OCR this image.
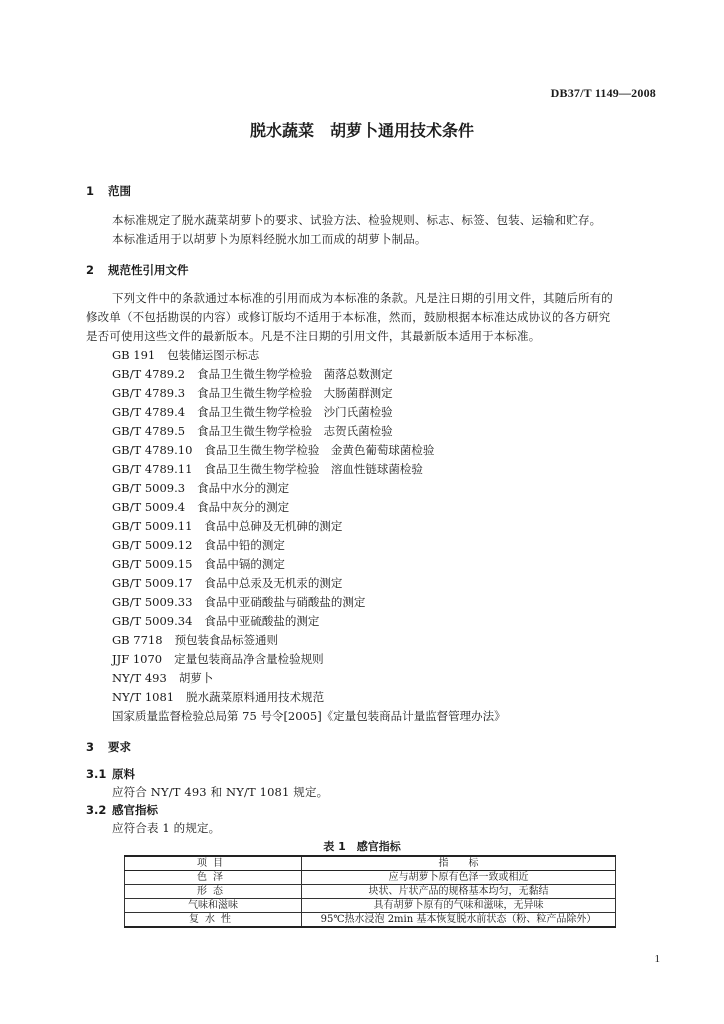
DB37/T 1149—2008
脱水蔬菜　胡萝卜通用技术条件
1 范围
本标准规定了脱水蔬菜胡萝卜的要求、试验方法、检验规则、标志、标签、包装、运输和贮存。
本标准适用于以胡萝卜为原料经脱水加工而成的胡萝卜制品。
2 规范性引用文件
下列文件中的条款通过本标准的引用而成为本标准的条款。凡是注日期的引用文件，其随后所有的
修改单（不包括勘误的内容）或修订版均不适用于本标准，然而，鼓励根据本标准达成协议的各方研究
是否可使用这些文件的最新版本。凡是不注日期的引用文件，其最新版本适用于本标准。
GB 191 包装储运图示标志
GB/T 4789.2 食品卫生微生物学检验　菌落总数测定
GB/T 4789.3 食品卫生微生物学检验　大肠菌群测定
GB/T 4789.4 食品卫生微生物学检验　沙门氏菌检验
GB/T 4789.5 食品卫生微生物学检验　志贺氏菌检验
GB/T 4789.10 食品卫生微生物学检验　金黄色葡萄球菌检验
GB/T 4789.11 食品卫生微生物学检验　溶血性链球菌检验
GB/T 5009.3 食品中水分的测定
GB/T 5009.4 食品中灰分的测定
GB/T 5009.11 食品中总砷及无机砷的测定
GB/T 5009.12 食品中铅的测定
GB/T 5009.15 食品中镉的测定
GB/T 5009.17 食品中总汞及无机汞的测定
GB/T 5009.33 食品中亚硝酸盐与硝酸盐的测定
GB/T 5009.34 食品中亚硫酸盐的测定
GB 7718 预包装食品标签通则
JJF 1070 定量包装商品净含量检验规则
NY/T 493 胡萝卜
NY/T 1081 脱水蔬菜原料通用技术规范
国家质量监督检验总局第 75 号令[2005]《定量包装商品计量监督管理办法》
3 要求
3.1 原料
应符合 NY/T 493 和 NY/T 1081 规定。
3.2 感官指标
应符合表 1 的规定。
表 1　感官指标
项目	指　　标
色泽	应与胡萝卜原有色泽一致或相近
形态	块状、片状产品的规格基本均匀，无黏结
气味和滋味	具有胡萝卜原有的气味和滋味，无异味
复水性	95℃热水浸泡 2min 基本恢复脱水前状态（粉、粒产品除外）
1
